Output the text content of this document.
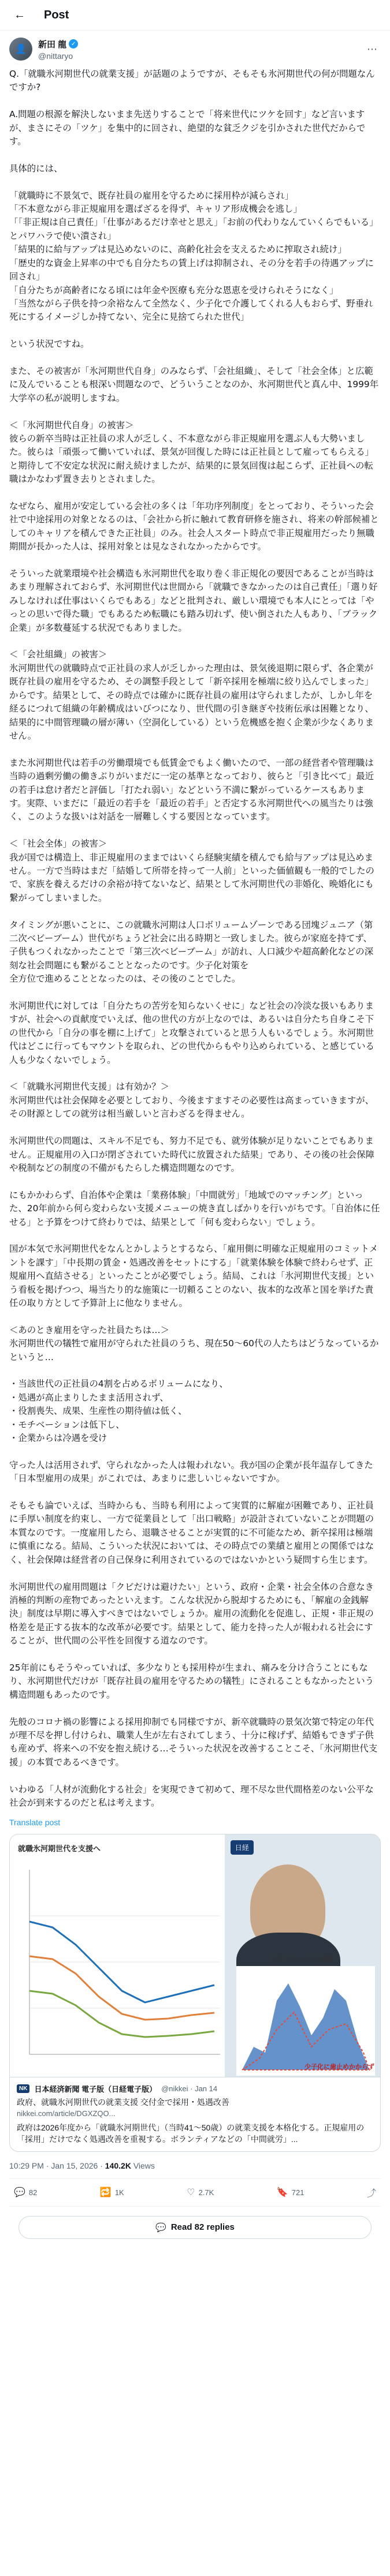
←	Post
👤	新田 龍 ✓
@nittaryo
⋯
Q.「就職氷河期世代の就業支援」が話題のようですが、そもそも氷河期世代の何が問題なんですか?

A.問題の根源を解決しないまま先送りすることで「将来世代にツケを回す」など言いますが、まさにその「ツケ」を集中的に回され、絶望的な貧乏クジを引かされた世代だからです。

具体的には、

「就職時に不景気で、既存社員の雇用を守るために採用枠が減らされ」
「不本意ながら非正規雇用を選ばざるを得ず、キャリア形成機会を逃し」
「「非正規は自己責任」「仕事があるだけ幸せと思え」「お前の代わりなんていくらでもいる」とパワハラで使い潰され」
「結果的に給与アップは見込めないのに、高齢化社会を支えるために搾取され続け」
「歴史的な資金上昇率の中でも自分たちの賃上げは抑制され、その分を若手の待遇アップに回され」
「自分たちが高齢者になる頃には年金や医療も充分な恩恵を受けられそうになく」
「当然ながら子供を持つ余裕なんて全然なく、少子化で介護してくれる人もおらず、野垂れ死にするイメージしか持てない、完全に見捨てられた世代」

という状況ですね。

また、その被害が「氷河期世代自身」のみならず、「会社組織」、そして「社会全体」と広範に及んでいることも根深い問題なので、どういうことなのか、氷河期世代と真ん中、1999年大学卒の私が説明しますね。

＜「氷河期世代自身」の被害＞
彼らの新卒当時は正社員の求人が乏しく、不本意ながら非正規雇用を選ぶ人も大勢いました。彼らは「頑張って働いていれば、景気が回復した時には正社員として雇ってもらえる」と期待して不安定な状況に耐え続けましたが、結果的に景気回復は起こらず、正社員への転職はかなわず置き去りとされました。

なぜなら、雇用が安定している会社の多くは「年功序列制度」をとっており、そういった会社で中途採用の対象となるのは、「会社から折に触れて教育研修を施され、将来の幹部候補としてのキャリアを積んできた正社員」のみ。社会人スタート時点で非正規雇用だったり無職期間が長かった人は、採用対象とは見なされなかったからです。

そういった就業環境や社会構造も氷河期世代を取り巻く非正規化の要因であることが当時はあまり理解されておらず、氷河期世代は世間から「就職できなかったのは自己責任」「選り好みしなければ仕事はいくらでもある」などと批判され、厳しい環境でも本人にとっては「やっとの思いで得た職」でもあるため転職にも踏み切れず、使い倒された人もあり、「ブラック企業」が多数蔓延する状況でもありました。

＜「会社組織」の被害＞
氷河期世代の就職時点で正社員の求人が乏しかった理由は、景気後退期に限らず、各企業が既存社員の雇用を守るため、その調整手段として「新卒採用を極端に絞り込んでしまった」からです。結果として、その時点では確かに既存社員の雇用は守られましたが、しかし年を経るにつれて組織の年齢構成はいびつになり、世代間の引き継ぎや技術伝承は困難となり、結果的に中間管理職の層が薄い（空洞化している）という危機感を抱く企業が少なくありません。

また氷河期世代は若手の労働環境でも低賃金でもよく働いたので、一部の経営者や管理職は当時の過剰労働の働きぶりがいまだに一定の基準となっており、彼らと「引き比べて」最近の若手は怠け者だと評価し「打たれ弱い」などという不満に繋がっているケースもあります。実際、いまだに「最近の若手を「最近の若手」と否定する氷河期世代への風当たりは強く、このような扱いは対話を一層難しくする要因となっています。

＜「社会全体」の被害＞
我が国では構造上、非正規雇用のままではいくら経験実績を積んでも給与アップは見込めません。一方で当時はまだ「結婚して所帯を持って一人前」といった価値観も一般的でしたので、家族を養えるだけの余裕が持てないなど、結果として氷河期世代の非婚化、晩婚化にも繋がってしまいました。

タイミングが悪いことに、この就職氷河期は人口ボリュームゾーンである団塊ジュニア（第二次ベビーブーム）世代がちょうど社会に出る時期と一致しました。彼らが家庭を持てず、子供もつくれなかったことで「第三次ベビーブーム」が訪れ、人口減少や超高齢化などの深刻な社会問題にも繋がることとなったのです。少子化対策を
全方位で進めることとなったのは、その後のことでした。

氷河期世代に対しては「自分たちの苦労を知らないくせに」など社会の冷淡な扱いもありますが、社会への貢献度でいえば、他の世代の方が上なのでは、あるいは自分たち自身こそ下の世代から「自分の事を棚に上げて」と攻撃されていると思う人もいるでしょう。氷河期世代はどこに行ってもマウントを取られ、どの世代からもやり込められている、と感じている人も少なくないでしょう。

＜「就職氷河期世代支援」は有効か？＞
氷河期世代は社会保障を必要としており、今後ますますその必要性は高まっていきますが、その財源としての就労は相当厳しいと言わざるを得ません。

氷河期世代の問題は、スキル不足でも、努力不足でも、就労体験が足りないことでもありません。正規雇用の入口が閉ざされていた時代に放置された結果」であり、その後の社会保障や税制などの制度の不備がもたらした構造問題なのです。

にもかかわらず、自治体や企業は「業務体験」「中間就労」「地域でのマッチング」といった、20年前から何ら変わらない支援メニューの焼き直しばかりを行いがちです。「自治体に任せる」と予算をつけて終わりでは、結果として「何も変わらない」でしょう。

国が本気で氷河期世代をなんとかしようとするなら、「雇用側に明確な正規雇用のコミットメントを課す」「中長期の賃金・処遇改善をセットにする」「就業体験を体験で終わらせず、正規雇用へ直結させる」といったことが必要でしょう。結局、これは「氷河期世代支援」という看板を掲げつつ、場当たり的な施策に一切頼ることのない、抜本的な改革と国を挙げた責任の取り方として予算計上に他なりません。

＜あのとき雇用を守った社員たちは…＞
氷河期世代の犠牲で雇用が守られた社員のうち、現在50〜60代の人たちはどうなっているかというと…

・当該世代の正社員の4割を占めるボリュームになり、
・処遇が高止まりしたまま活用されず、
・役割喪失、成果、生産性の期待値は低く、
・モチベーションは低下し、
・企業からは冷遇を受け

守った人は活用されず、守られなかった人は報われない。我が国の企業が長年温存してきた「日本型雇用の成果」がこれでは、あまりに悲しいじゃないですか。

そもそも論でいえば、当時からも、当時も利用によって実質的に解雇が困難であり、正社員に手厚い制度を約束し、一方で従業員として「出口戦略」が設計されていないことが問題の本質なのです。一度雇用したら、退職させることが実質的に不可能なため、新卒採用は極端に慎重になる。結局、こういった状況においては、その時点での業績と雇用との関係ではなく、社会保障は経営者の自己保身に利用されているのではないかという疑問すら生じます。

氷河期世代の雇用問題は「クビだけは避けたい」という、政府・企業・社会全体の合意なき消極的判断の産物であったといえます。こんな状況から脱却するためにも、「解雇の金銭解決」制度は早期に導入すべきではないでしょうか。雇用の流動化を促進し、正規・非正規の格差を是正する抜本的な改革が必要です。結果として、能力を持った人が報われる社会にすることが、世代間の公平性を回復する道なのです。

25年前にもそうやっていれば、多少なりとも採用枠が生まれ、痛みを分け合うことにもなり、氷河期世代だけが「既存社員の雇用を守るための犠牲」にされることもなかったという構造問題もあったのです。

先般のコロナ禍の影響による採用抑制でも同様ですが、新卒就職時の景気次第で特定の年代が理不尽を押し付けられ、職業人生が左右されてしまう、十分に稼げず、結婚もできず子供も産めず、将来への不安を抱え続ける…そういった状況を改善することこそ、「氷河期世代支援」の本質であるべきです。

いわゆる「人材が流動化する社会」を実現できて初めて、理不尽な世代間格差のない公平な社会が到来するのだと私は考えます。
Translate post
就職氷河期世代を支援へ	日経
人口ピラミッドの推移
少子化に歯止めかからず
NK 日本経済新聞 電子版（日経電子版） @nikkei · Jan 14
政府、就職氷河期世代の就業支援 交付金で採用・処遇改善
nikkei.com/article/DGXZQO...
政府は2026年度から「就職氷河期世代」（当時41〜50歳）の就業支援を本格化する。正規雇用の「採用」だけでなく処遇改善を重視する。ボランティアなどの「中間就労」...
10:29 PM · Jan 15, 2026 · 140.2K Views
💬 82	🔁 1K	♡ 2.7K	🔖 721	⤴
💬 Read 82 replies
